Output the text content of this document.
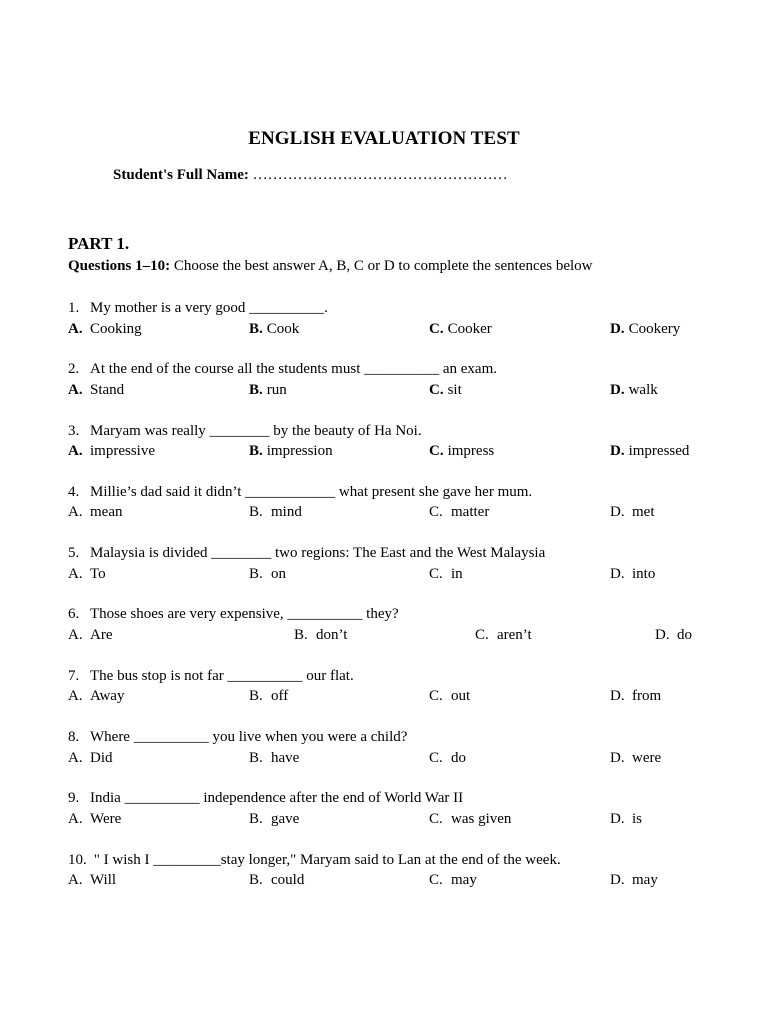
ENGLISH EVALUATION TEST
Student's Full Name: ……………………………………………
PART 1.
Questions 1–10: Choose the best answer A, B, C or D to complete the sentences below
1. My mother is a very good __________.
A. Cooking	B. Cook	C. Cooker	D. Cookery
2. At the end of the course all the students must __________ an exam.
A. Stand	B. run	C. sit	D. walk
3. Maryam was really ________ by the beauty of Ha Noi.
A. impressive	B. impression	C. impress	D. impressed
4. Millie’s dad said it didn’t ____________ what present she gave her mum.
A. mean	B. mind	C. matter	D. met
5. Malaysia is divided ________ two regions: The East and the West Malaysia
A. To	B. on	C. in	D. into
6. Those shoes are very expensive, __________ they?
A. Are	B. don’t	C. aren’t	D. do
7. The bus stop is not far __________ our flat.
A. Away	B. off	C. out	D. from
8. Where __________ you live when you were a child?
A. Did	B. have	C. do	D. were
9. India __________ independence after the end of World War II
A. Were	B. gave	C. was given	D. is
10. " I wish I _________stay longer," Maryam said to Lan at the end of the week.
A. Will	B. could	C. may	D. may
